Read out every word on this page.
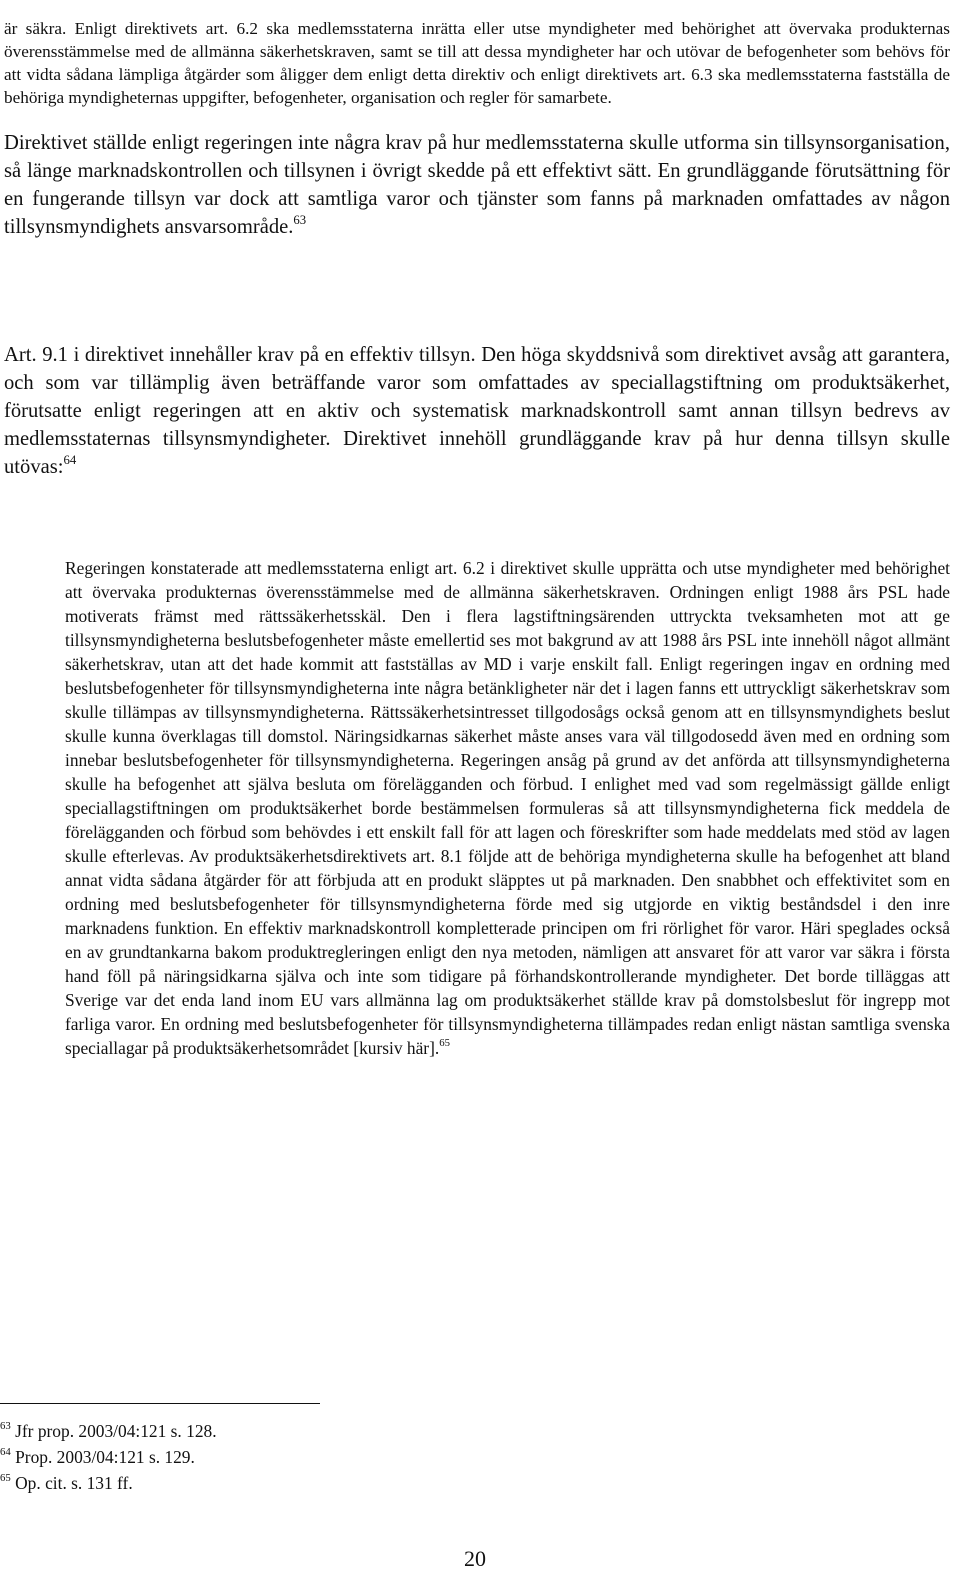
är säkra. Enligt direktivets art. 6.2 ska medlemsstaterna inrätta eller utse myndigheter med behörighet att övervaka produkternas överensstämmelse med de allmänna säkerhetskraven, samt se till att dessa myndigheter har och utövar de befogenheter som behövs för att vidta sådana lämpliga åtgärder som åligger dem enligt detta direktiv och enligt direktivets art. 6.3 ska medlemsstaterna fastställa de behöriga myndigheternas uppgifter, befogenheter, organisation och regler för samarbete.

Direktivet ställde enligt regeringen inte några krav på hur medlemsstaterna skulle utforma sin tillsynsorganisation, så länge marknadskontrollen och tillsynen i övrigt skedde på ett effektivt sätt. En grundläggande förutsättning för en fungerande tillsyn var dock att samtliga varor och tjänster som fanns på marknaden omfattades av någon tillsynsmyndighets ansvarsområde.$^{63}$

Art. 9.1 i direktivet innehåller krav på en effektiv tillsyn. Den höga skyddsnivå som direktivet avsåg att garantera, och som var tillämplig även beträffande varor som omfattades av speciallagstiftning om produktsäkerhet, förutsatte enligt regeringen att en aktiv och systematisk marknadskontroll samt annan tillsyn bedrevs av medlemsstaternas tillsynsmyndigheter. Direktivet innehöll grundläggande krav på hur denna tillsyn skulle utövas:$^{64}$

Regeringen konstaterade att medlemsstaterna enligt art. 6.2 i direktivet skulle upprätta och utse myndigheter med behörighet att övervaka produkternas överensstämmelse med de allmänna säkerhetskraven. Ordningen enligt 1988 års PSL hade motiverats främst med rättssäkerhetsskäl. Den i flera lagstiftningsärenden uttryckta tveksamheten mot att ge tillsynsmyndigheterna beslutsbefogenheter måste emellertid ses mot bakgrund av att 1988 års PSL inte innehöll något allmänt säkerhetskrav, utan att det hade kommit att fastställas av MD i varje enskilt fall. Enligt regeringen ingav en ordning med beslutsbefogenheter för tillsynsmyndigheterna inte några betänkligheter när det i lagen fanns ett uttryckligt säkerhetskrav som skulle tillämpas av tillsynsmyndigheterna. Rättssäkerhetsintresset tillgodosågs också genom att en tillsynsmyndighets beslut skulle kunna överklagas till domstol. Näringsidkarnas säkerhet måste anses vara väl tillgodosedd även med en ordning som innebar beslutsbefogenheter för tillsynsmyndigheterna. Regeringen ansåg på grund av det anförda att tillsynsmyndigheterna skulle ha befogenhet att själva besluta om förelägganden och förbud. I enlighet med vad som regelmässigt gällde enligt speciallagstiftningen om produktsäkerhet borde bestämmelsen formuleras så att tillsynsmyndigheterna fick meddela de förelägganden och förbud som behövdes i ett enskilt fall för att lagen och föreskrifter som hade meddelats med stöd av lagen skulle efterlevas. Av produktsäkerhetsdirektivets art. 8.1 följde att de behöriga myndigheterna skulle ha befogenhet att bland annat vidta sådana åtgärder för att förbjuda att en produkt släpptes ut på marknaden. Den snabbhet och effektivitet som en ordning med beslutsbefogenheter för tillsynsmyndigheterna förde med sig utgjorde en viktig beståndsdel i den inre marknadens funktion. En effektiv marknadskontroll kompletterade principen om fri rörlighet för varor. Häri speglades också en av grundtankarna bakom produktregleringen enligt den nya metoden, nämligen att ansvaret för att varor var säkra i första hand föll på näringsidkarna själva och inte som tidigare på förhandskontrollerande myndigheter. Det borde tilläggas att Sverige var det enda land inom EU vars allmänna lag om produktsäkerhet ställde krav på domstolsbeslut för ingrepp mot farliga varor. En ordning med beslutsbefogenheter för tillsynsmyndigheterna tillämpades redan enligt nästan samtliga svenska speciallagar på produktsäkerhetsområdet [kursiv här].$^{65}$

$^{63}$ Jfr prop. 2003/04:121 s. 128.
$^{64}$ Prop. 2003/04:121 s. 129.
$^{65}$ Op. cit. s. 131 ff.
20
